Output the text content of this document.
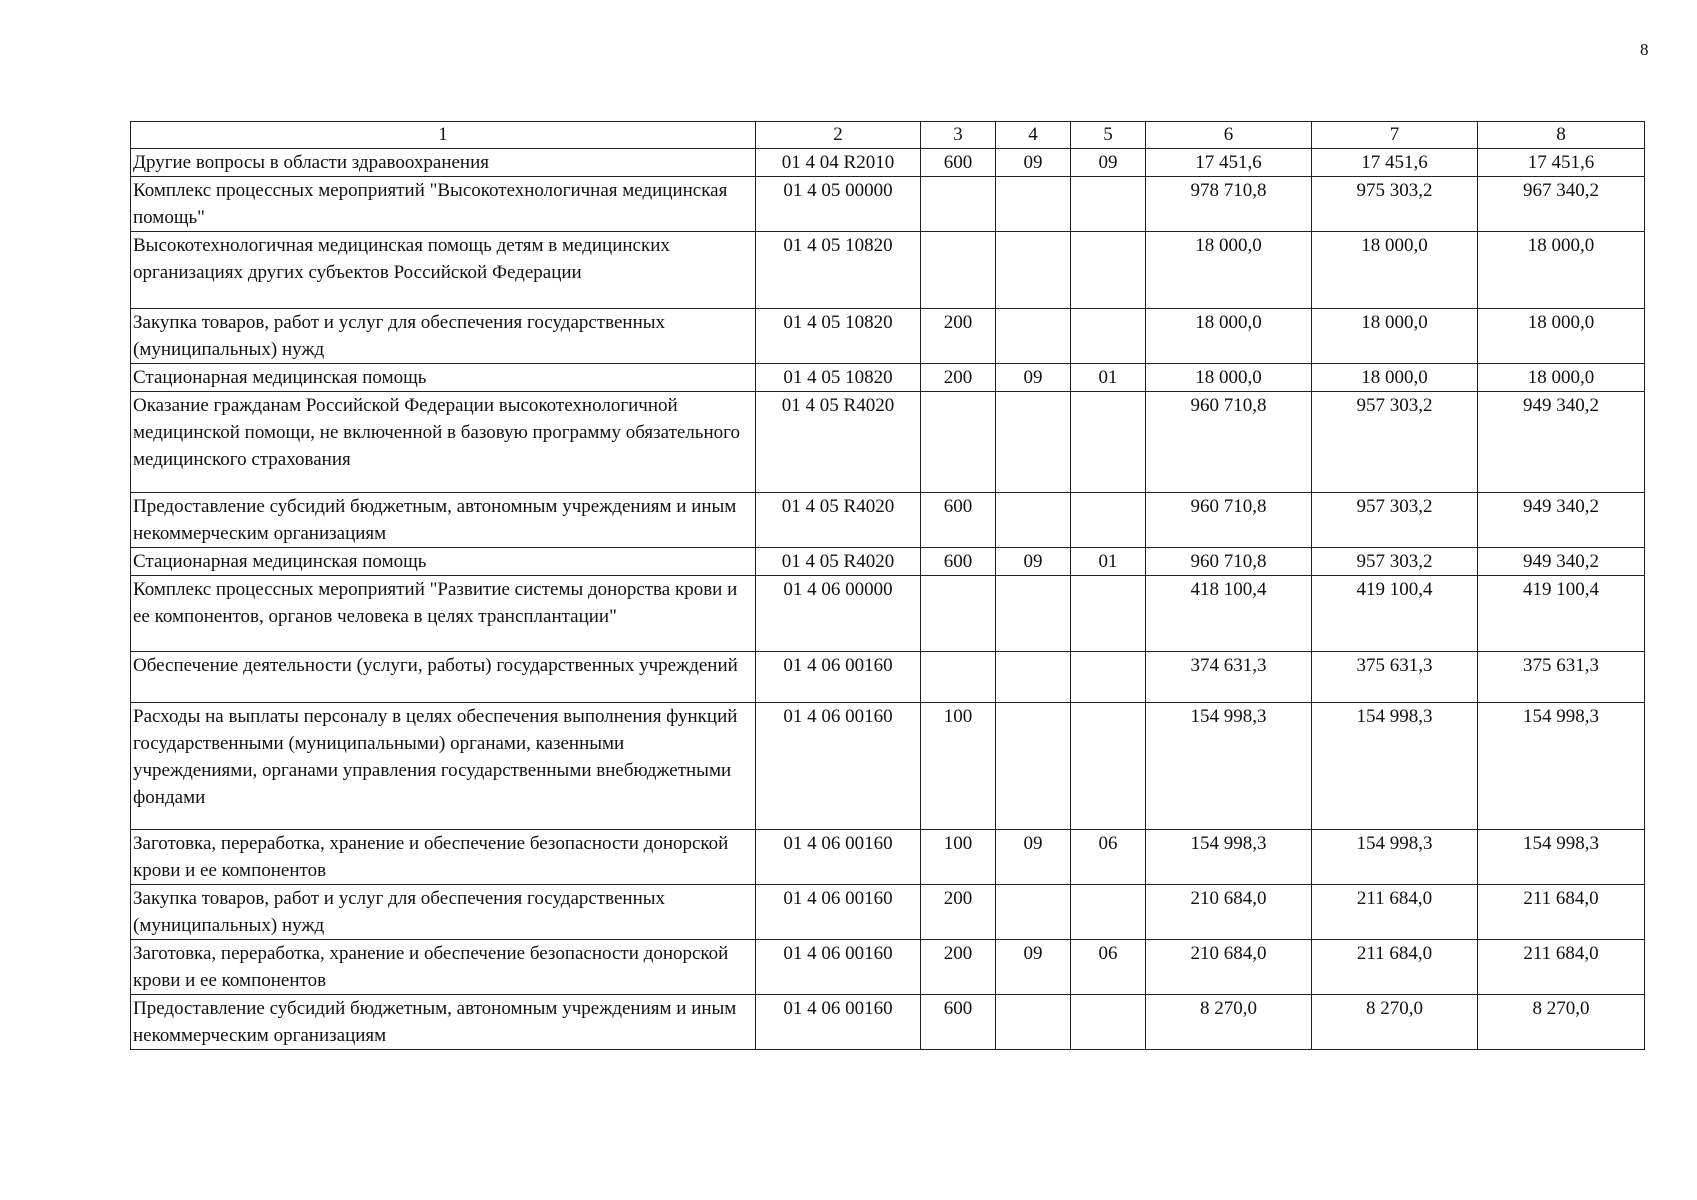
8
1	2	3	4	5	6	7	8
Другие вопросы в области здравоохранения	01 4 04 R2010	600	09	09	17 451,6	17 451,6	17 451,6
Комплекс процессных мероприятий "Высокотехнологичная медицинская помощь"	01 4 05 00000				978 710,8	975 303,2	967 340,2
Высокотехнологичная медицинская помощь детям в медицинских организациях других субъектов Российской Федерации	01 4 05 10820				18 000,0	18 000,0	18 000,0
Закупка товаров, работ и услуг для обеспечения государственных (муниципальных) нужд	01 4 05 10820	200			18 000,0	18 000,0	18 000,0
Стационарная медицинская помощь	01 4 05 10820	200	09	01	18 000,0	18 000,0	18 000,0
Оказание гражданам Российской Федерации высокотехнологичной медицинской помощи, не включенной в базовую программу обязательного медицинского страхования	01 4 05 R4020				960 710,8	957 303,2	949 340,2
Предоставление субсидий бюджетным, автономным учреждениям и иным некоммерческим организациям	01 4 05 R4020	600			960 710,8	957 303,2	949 340,2
Стационарная медицинская помощь	01 4 05 R4020	600	09	01	960 710,8	957 303,2	949 340,2
Комплекс процессных мероприятий "Развитие системы донорства крови и ее компонентов, органов человека в целях трансплантации"	01 4 06 00000				418 100,4	419 100,4	419 100,4
Обеспечение деятельности (услуги, работы) государственных учреждений	01 4 06 00160				374 631,3	375 631,3	375 631,3
Расходы на выплаты персоналу в целях обеспечения выполнения функций государственными (муниципальными) органами, казенными учреждениями, органами управления государственными внебюджетными фондами	01 4 06 00160	100			154 998,3	154 998,3	154 998,3
Заготовка, переработка, хранение и обеспечение безопасности донорской крови и ее компонентов	01 4 06 00160	100	09	06	154 998,3	154 998,3	154 998,3
Закупка товаров, работ и услуг для обеспечения государственных (муниципальных) нужд	01 4 06 00160	200			210 684,0	211 684,0	211 684,0
Заготовка, переработка, хранение и обеспечение безопасности донорской крови и ее компонентов	01 4 06 00160	200	09	06	210 684,0	211 684,0	211 684,0
Предоставление субсидий бюджетным, автономным учреждениям и иным некоммерческим организациям	01 4 06 00160	600			8 270,0	8 270,0	8 270,0
